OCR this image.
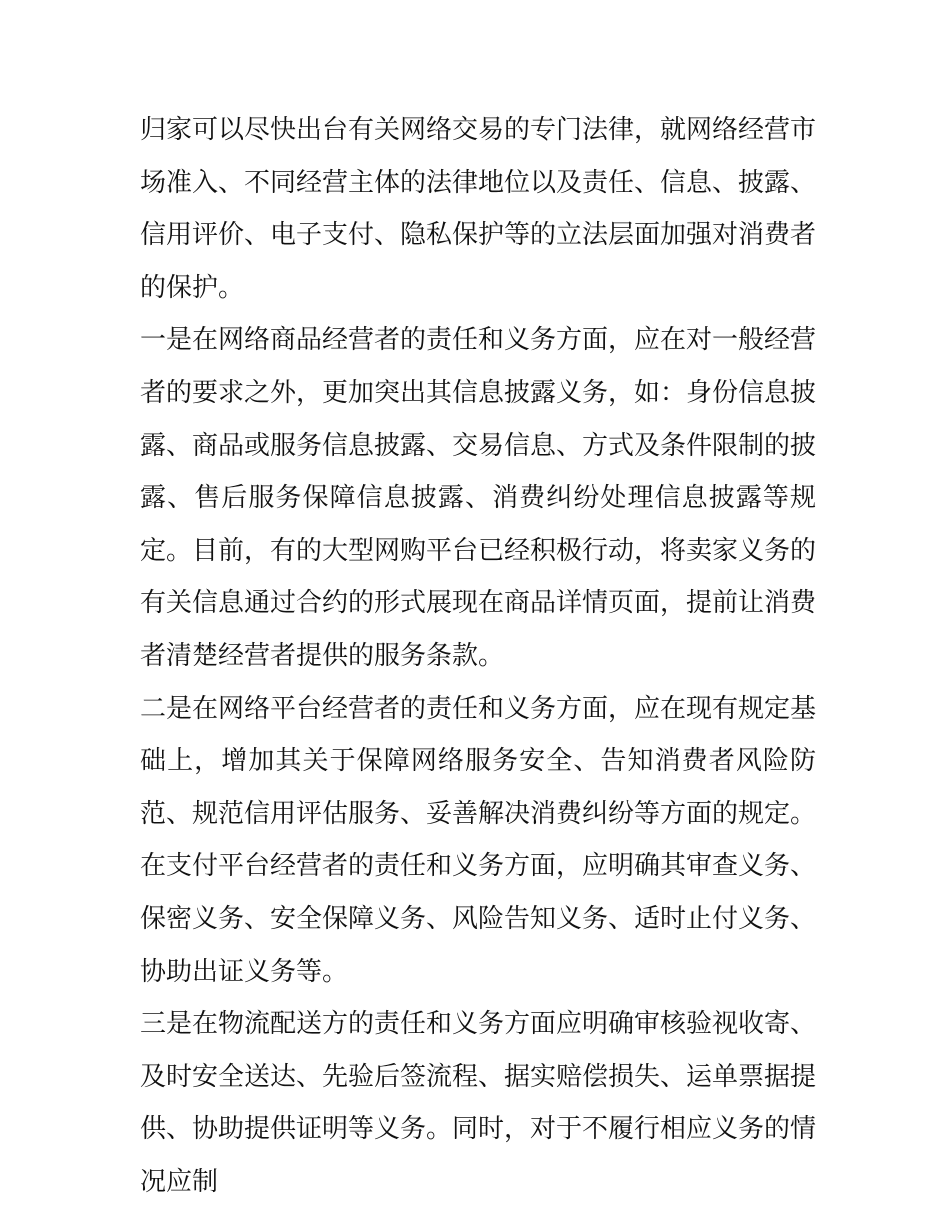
归家可以尽快出台有关网络交易的专门法律，就网络经营市场准入、不同经营主体的法律地位以及责任、信息、披露、信用评价、电子支付、隐私保护等的立法层面加强对消费者的保护。

一是在网络商品经营者的责任和义务方面，应在对一般经营者的要求之外，更加突出其信息披露义务，如：身份信息披露、商品或服务信息披露、交易信息、方式及条件限制的披露、售后服务保障信息披露、消费纠纷处理信息披露等规定。目前，有的大型网购平台已经积极行动，将卖家义务的有关信息通过合约的形式展现在商品详情页面，提前让消费者清楚经营者提供的服务条款。

二是在网络平台经营者的责任和义务方面，应在现有规定基础上，增加其关于保障网络服务安全、告知消费者风险防范、规范信用评估服务、妥善解决消费纠纷等方面的规定。在支付平台经营者的责任和义务方面，应明确其审查义务、保密义务、安全保障义务、风险告知义务、适时止付义务、协助出证义务等。

三是在物流配送方的责任和义务方面应明确审核验视收寄、及时安全送达、先验后签流程、据实赔偿损失、运单票据提供、协助提供证明等义务。同时，对于不履行相应义务的情况应制
